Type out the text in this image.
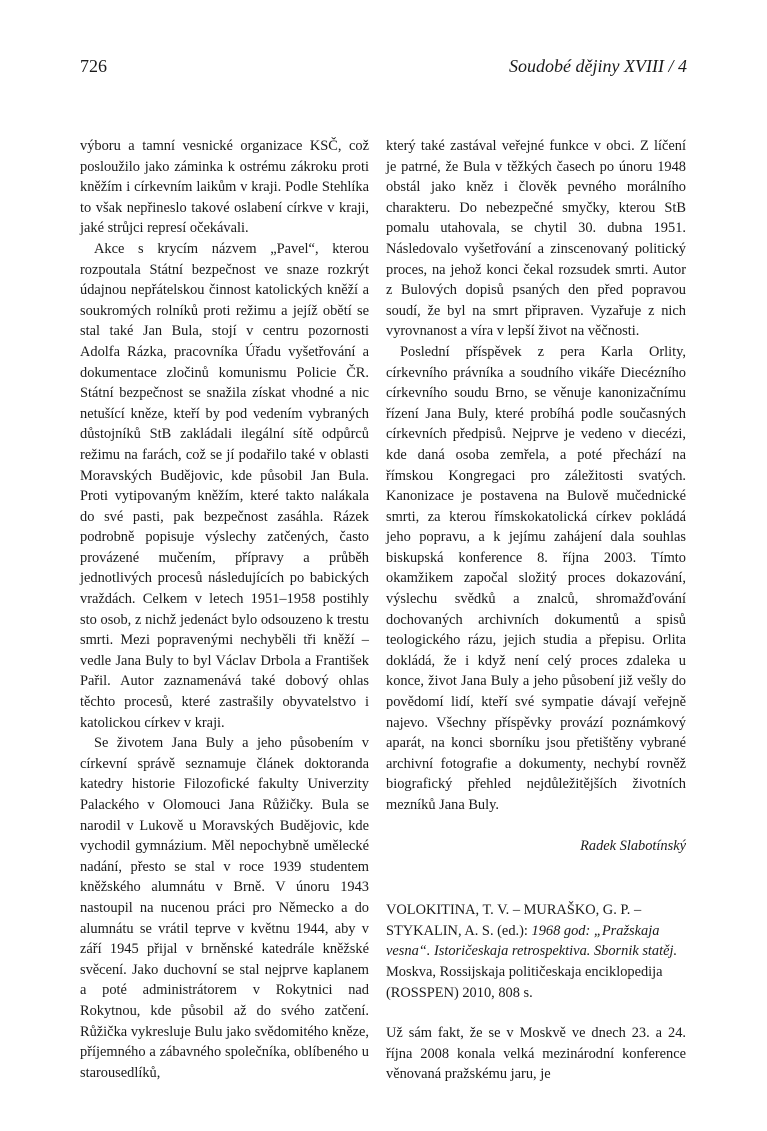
726	Soudobé dějiny XVIII / 4

výboru a tamní vesnické organizace KSČ, což posloužilo jako záminka k ostrému zákroku proti kněžím i církevním laikům v kraji. Podle Stehlíka to však nepřineslo takové oslabení církve v kraji, jaké strůjci represí očekávali.

Akce s krycím názvem „Pavel“, kterou rozpoutala Státní bezpečnost ve snaze rozkrýt údajnou nepřátelskou činnost katolických kněží a soukromých rolníků proti režimu a jejíž obětí se stal také Jan Bula, stojí v centru pozornosti Adolfa Rázka, pracovníka Úřadu vyšetřování a dokumentace zločinů komunismu Policie ČR. Státní bezpečnost se snažila získat vhodné a nic netušící kněze, kteří by pod vedením vybraných důstojníků StB zakládali ilegální sítě odpůrců režimu na farách, což se jí podařilo také v oblasti Moravských Budějovic, kde působil Jan Bula. Proti vytipovaným kněžím, které takto nalákala do své pasti, pak bezpečnost zasáhla. Rázek podrobně popisuje výslechy zatčených, často provázené mučením, přípravy a průběh jednotlivých procesů následujících po babických vraždách. Celkem v letech 1951–1958 postihly sto osob, z nichž jedenáct bylo odsouzeno k trestu smrti. Mezi popravenými nechyběli tři kněží – vedle Jana Buly to byl Václav Drbola a František Pařil. Autor zaznamenává také dobový ohlas těchto procesů, které zastrašily obyvatelstvo i katolickou církev v kraji.

Se životem Jana Buly a jeho působením v církevní správě seznamuje článek doktoranda katedry historie Filozofické fakulty Univerzity Palackého v Olomouci Jana Růžičky. Bula se narodil v Lukově u Moravských Budějovic, kde vychodil gymnázium. Měl nepochybně umělecké nadání, přesto se stal v roce 1939 studentem kněžského alumnátu v Brně. V únoru 1943 nastoupil na nucenou práci pro Německo a do alumnátu se vrátil teprve v květnu 1944, aby v září 1945 přijal v brněnské katedrále kněžské svěcení. Jako duchovní se stal nejprve kaplanem a poté administrátorem v Rokytnici nad Rokytnou, kde působil až do svého zatčení. Růžička vykresluje Bulu jako svědomitého kněze, příjemného a zábavného společníka, oblíbeného u starousedlíků,

který také zastával veřejné funkce v obci. Z líčení je patrné, že Bula v těžkých časech po únoru 1948 obstál jako kněz i člověk pevného morálního charakteru. Do nebezpečné smyčky, kterou StB pomalu utahovala, se chytil 30. dubna 1951. Následovalo vyšetřování a zinscenovaný politický proces, na jehož konci čekal rozsudek smrti. Autor z Bulových dopisů psaných den před popravou soudí, že byl na smrt připraven. Vyzařuje z nich vyrovnanost a víra v lepší život na věčnosti.

Poslední příspěvek z pera Karla Orlity, církevního právníka a soudního vikáře Diecézního církevního soudu Brno, se věnuje kanonizačnímu řízení Jana Buly, které probíhá podle současných církevních předpisů. Nejprve je vedeno v diecézi, kde daná osoba zemřela, a poté přechází na římskou Kongregaci pro záležitosti svatých. Kanonizace je postavena na Bulově mučednické smrti, za kterou římskokatolická církev pokládá jeho popravu, a k jejímu zahájení dala souhlas biskupská konference 8. října 2003. Tímto okamžikem započal složitý proces dokazování, výslechu svědků a znalců, shromažďování dochovaných archivních dokumentů a spisů teologického rázu, jejich studia a přepisu. Orlita dokládá, že i když není celý proces zdaleka u konce, život Jana Buly a jeho působení již vešly do povědomí lidí, kteří své sympatie dávají veřejně najevo. Všechny příspěvky provází poznámkový aparát, na konci sborníku jsou přetištěny vybrané archivní fotografie a dokumenty, nechybí rovněž biografický přehled nejdůležitějších životních mezníků Jana Buly.

Radek Slabotínský

VOLOKITINA, T. V. – MURAŠKO, G. P. – STYKALIN, A. S. (ed.): 1968 god: „Pražskaja vesna“. Istoričeskaja retrospektiva. Sbornik statěj. Moskva, Rossijskaja političeskaja enciklopedija (ROSSPEN) 2010, 808 s.

Už sám fakt, že se v Moskvě ve dnech 23. a 24. října 2008 konala velká mezinárodní konference věnovaná pražskému jaru, je
